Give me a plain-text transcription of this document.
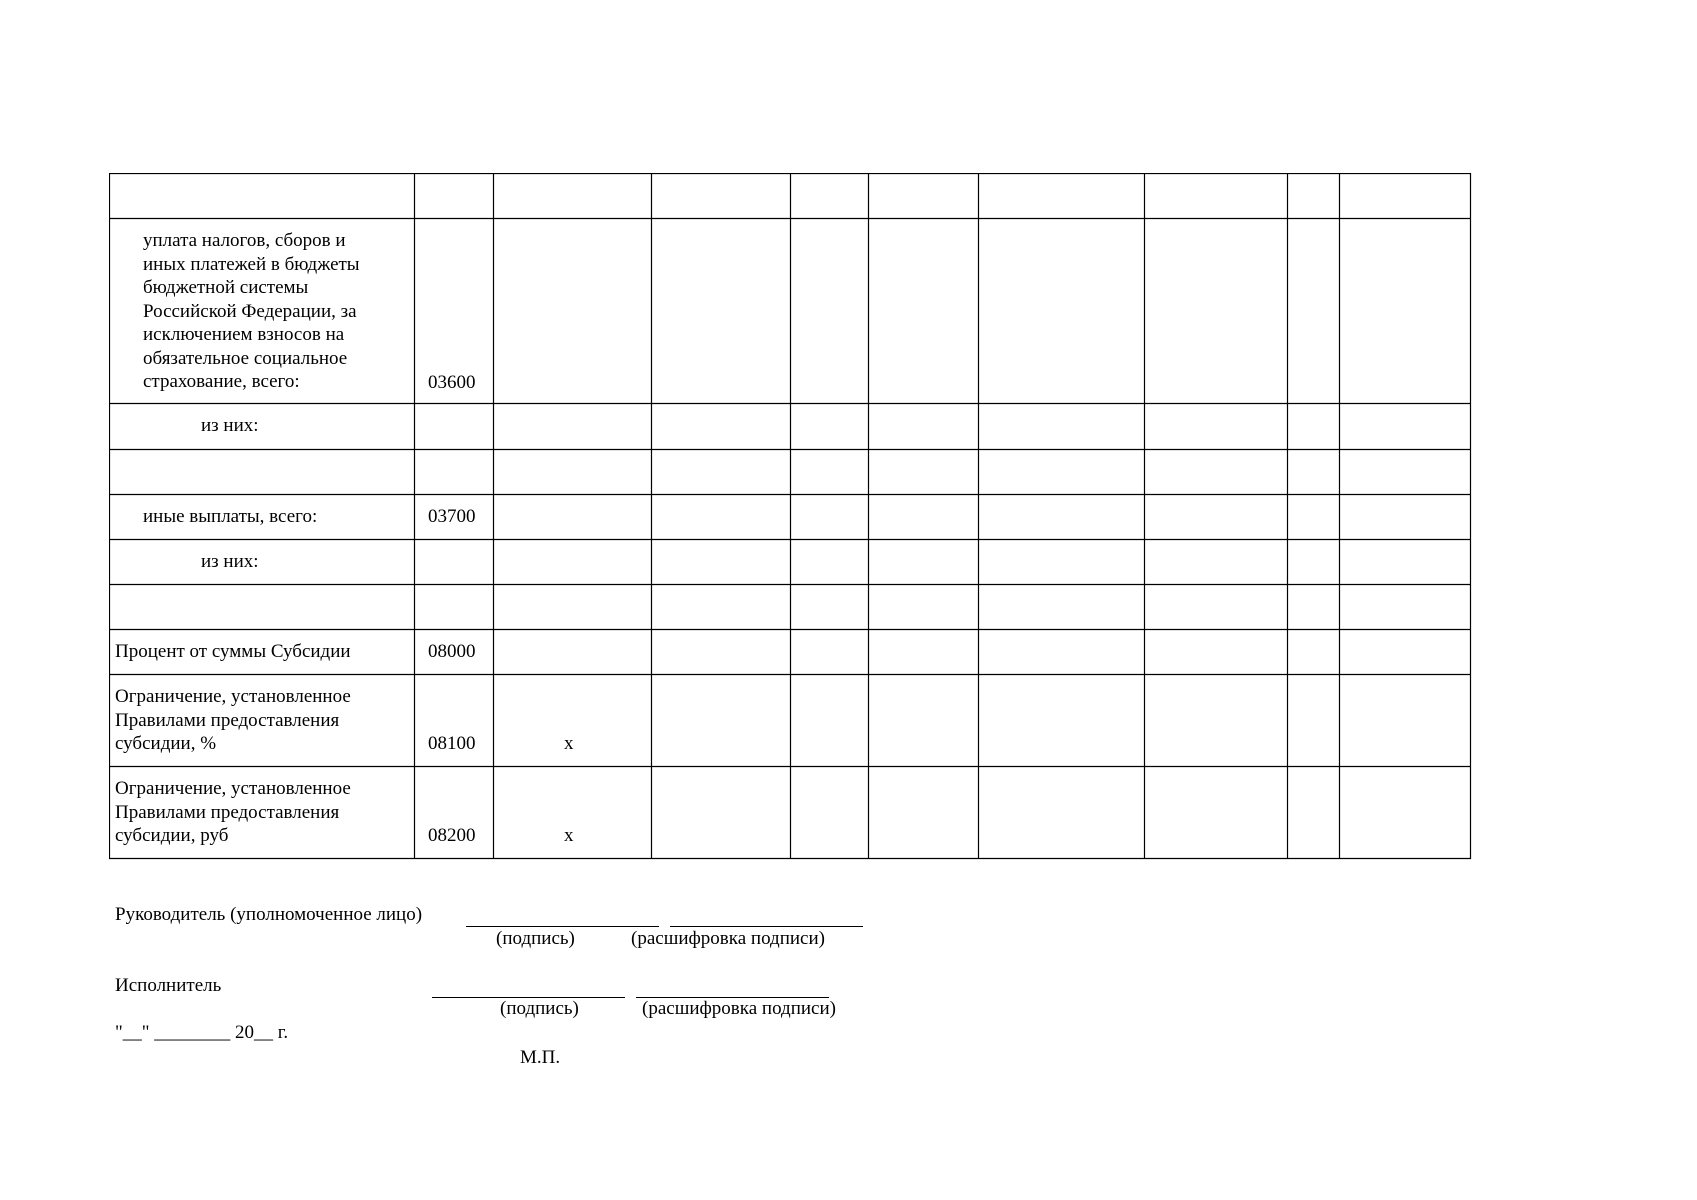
уплата налогов, сборов и
иных платежей в бюджеты
бюджетной системы
Российской Федерации, за
исключением взносов на
обязательное социальное
страхование, всего:	03600
из них:
иные выплаты, всего:	03700
из них:
Процент от суммы Субсидии	08000
Ограничение, установленное
Правилами предоставления
субсидии, %	08100	x
Ограничение, установленное
Правилами предоставления
субсидии, руб	08200	x
Руководитель (уполномоченное лицо)
(подпись)	(расшифровка подписи)
Исполнитель
(подпись)	(расшифровка подписи)
"__" ________ 20__ г.
М.П.
